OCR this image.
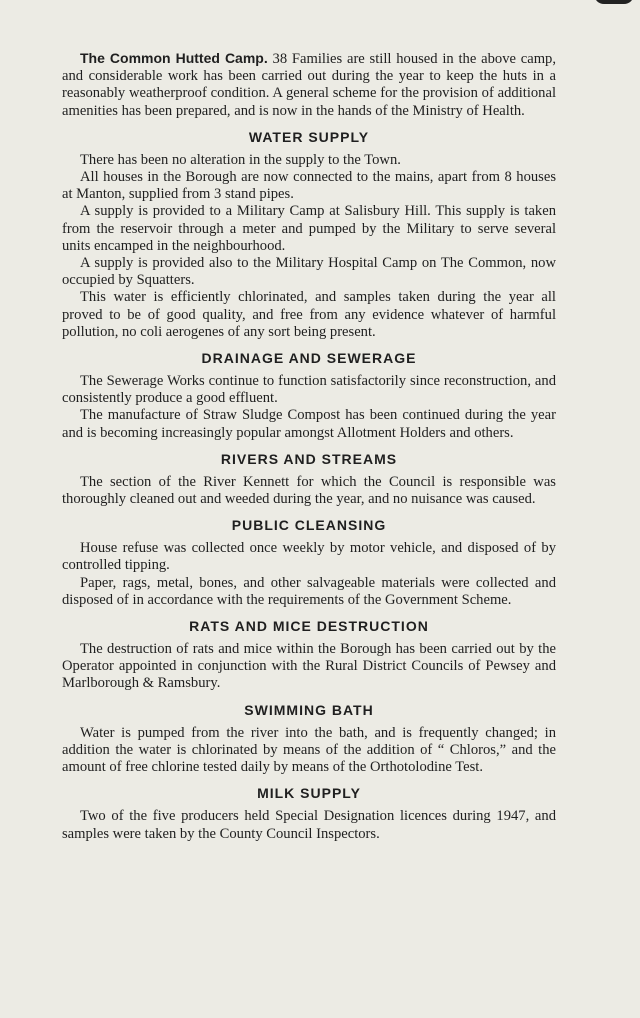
The Common Hutted Camp. 38 Families are still housed in the above camp, and considerable work has been carried out during the year to keep the huts in a reasonably weatherproof condition. A general scheme for the provision of additional amenities has been prepared, and is now in the hands of the Ministry of Health.

WATER SUPPLY

There has been no alteration in the supply to the Town.

All houses in the Borough are now connected to the mains, apart from 8 houses at Manton, supplied from 3 stand pipes.

A supply is provided to a Military Camp at Salisbury Hill. This supply is taken from the reservoir through a meter and pumped by the Military to serve several units encamped in the neighbourhood.

A supply is provided also to the Military Hospital Camp on The Common, now occupied by Squatters.

This water is efficiently chlorinated, and samples taken during the year all proved to be of good quality, and free from any evidence whatever of harmful pollution, no coli aerogenes of any sort being present.

DRAINAGE AND SEWERAGE

The Sewerage Works continue to function satisfactorily since reconstruction, and consistently produce a good effluent.

The manufacture of Straw Sludge Compost has been continued during the year and is becoming increasingly popular amongst Allotment Holders and others.

RIVERS AND STREAMS

The section of the River Kennett for which the Council is responsible was thoroughly cleaned out and weeded during the year, and no nuisance was caused.

PUBLIC CLEANSING

House refuse was collected once weekly by motor vehicle, and disposed of by controlled tipping.

Paper, rags, metal, bones, and other salvageable materials were collected and disposed of in accordance with the requirements of the Government Scheme.

RATS AND MICE DESTRUCTION

The destruction of rats and mice within the Borough has been carried out by the Operator appointed in conjunction with the Rural District Councils of Pewsey and Marlborough & Ramsbury.

SWIMMING BATH

Water is pumped from the river into the bath, and is frequently changed; in addition the water is chlorinated by means of the addition of “ Chloros,” and the amount of free chlorine tested daily by means of the Orthotolodine Test.

MILK SUPPLY

Two of the five producers held Special Designation licences during 1947, and samples were taken by the County Council Inspectors.
